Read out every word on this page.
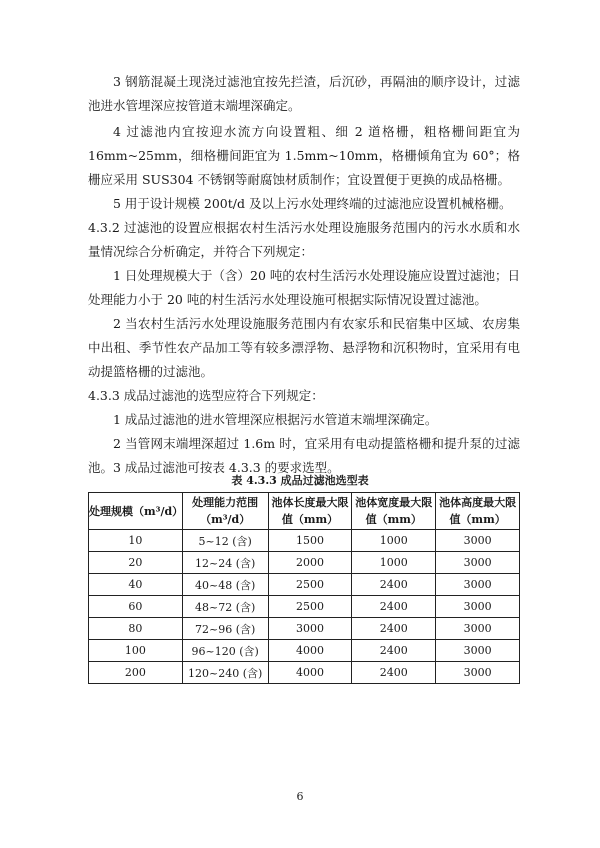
3 钢筋混凝土现浇过滤池宜按先拦渣，后沉砂，再隔油的顺序设计，过滤池进水管埋深应按管道末端埋深确定。

4 过滤池内宜按迎水流方向设置粗、细 2 道格栅，粗格栅间距宜为 16mm~25mm，细格栅间距宜为 1.5mm~10mm，格栅倾角宜为 60°；格栅应采用 SUS304 不锈钢等耐腐蚀材质制作；宜设置便于更换的成品格栅。

5 用于设计规模 200t/d 及以上污水处理终端的过滤池应设置机械格栅。

4.3.2 过滤池的设置应根据农村生活污水处理设施服务范围内的污水水质和水量情况综合分析确定，并符合下列规定：

1 日处理规模大于（含）20 吨的农村生活污水处理设施应设置过滤池；日处理能力小于 20 吨的村生活污水处理设施可根据实际情况设置过滤池。

2 当农村生活污水处理设施服务范围内有农家乐和民宿集中区域、农房集中出租、季节性农产品加工等有较多漂浮物、悬浮物和沉积物时，宜采用有电动提篮格栅的过滤池。

4.3.3 成品过滤池的选型应符合下列规定：

1 成品过滤池的进水管埋深应根据污水管道末端埋深确定。

2 当管网末端埋深超过 1.6m 时，宜采用有电动提篮格栅和提升泵的过滤池。 3 成品过滤池可按表 4.3.3 的要求选型。

表 4.3.3 成品过滤池选型表
处理规模（m³/d）	处理能力范围（m³/d）	池体长度最大限值（mm）	池体宽度最大限值（mm）	池体高度最大限值（mm）
10	5~12 (含)	1500	1000	3000
20	12~24 (含)	2000	1000	3000
40	40~48 (含)	2500	2400	3000
60	48~72 (含)	2500	2400	3000
80	72~96 (含)	3000	2400	3000
100	96~120 (含)	4000	2400	3000
200	120~240 (含)	4000	2400	3000
6
